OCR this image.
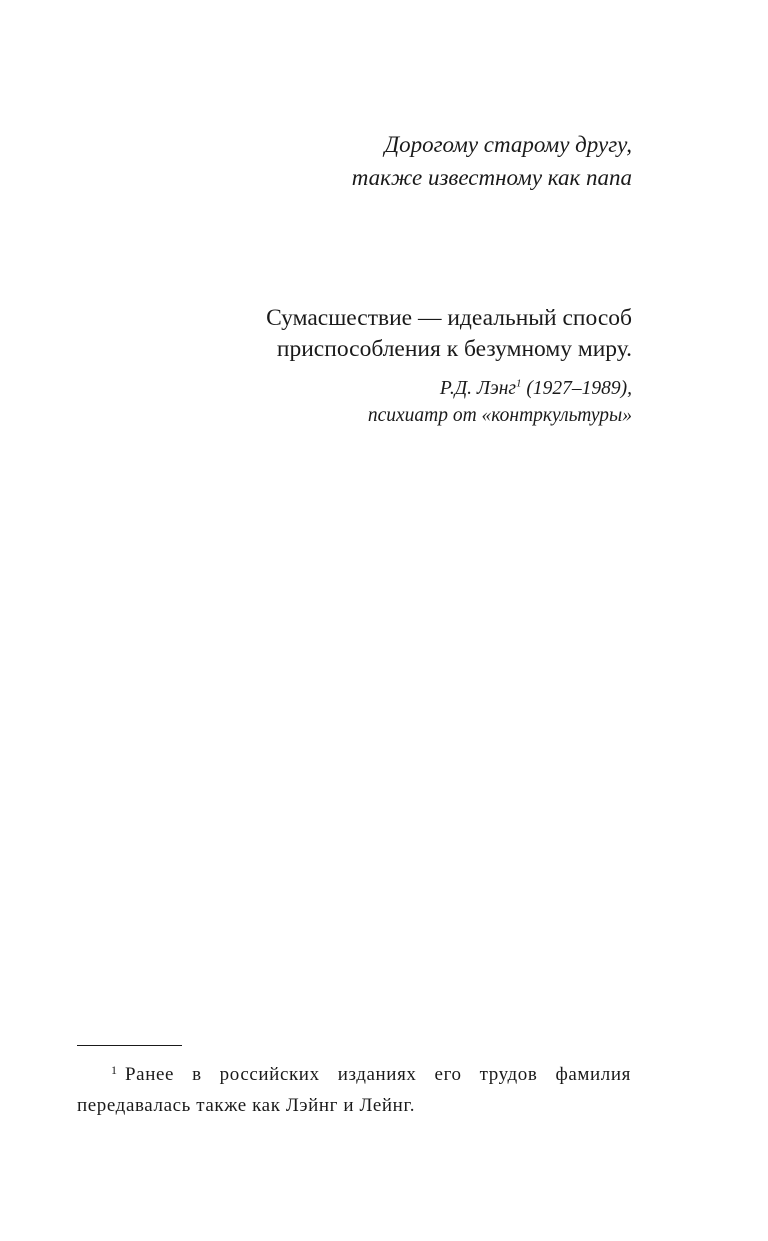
Дорогому старому другу,
также известному как папа
Сумасшествие — идеальный способ
приспособления к безумному миру.
Р.Д. Лэнг$^1$ (1927–1989),
психиатр от «контркультуры»
1 Ранее в российских изданиях его трудов фамилия передавалась также как Лэйнг и Лейнг.
